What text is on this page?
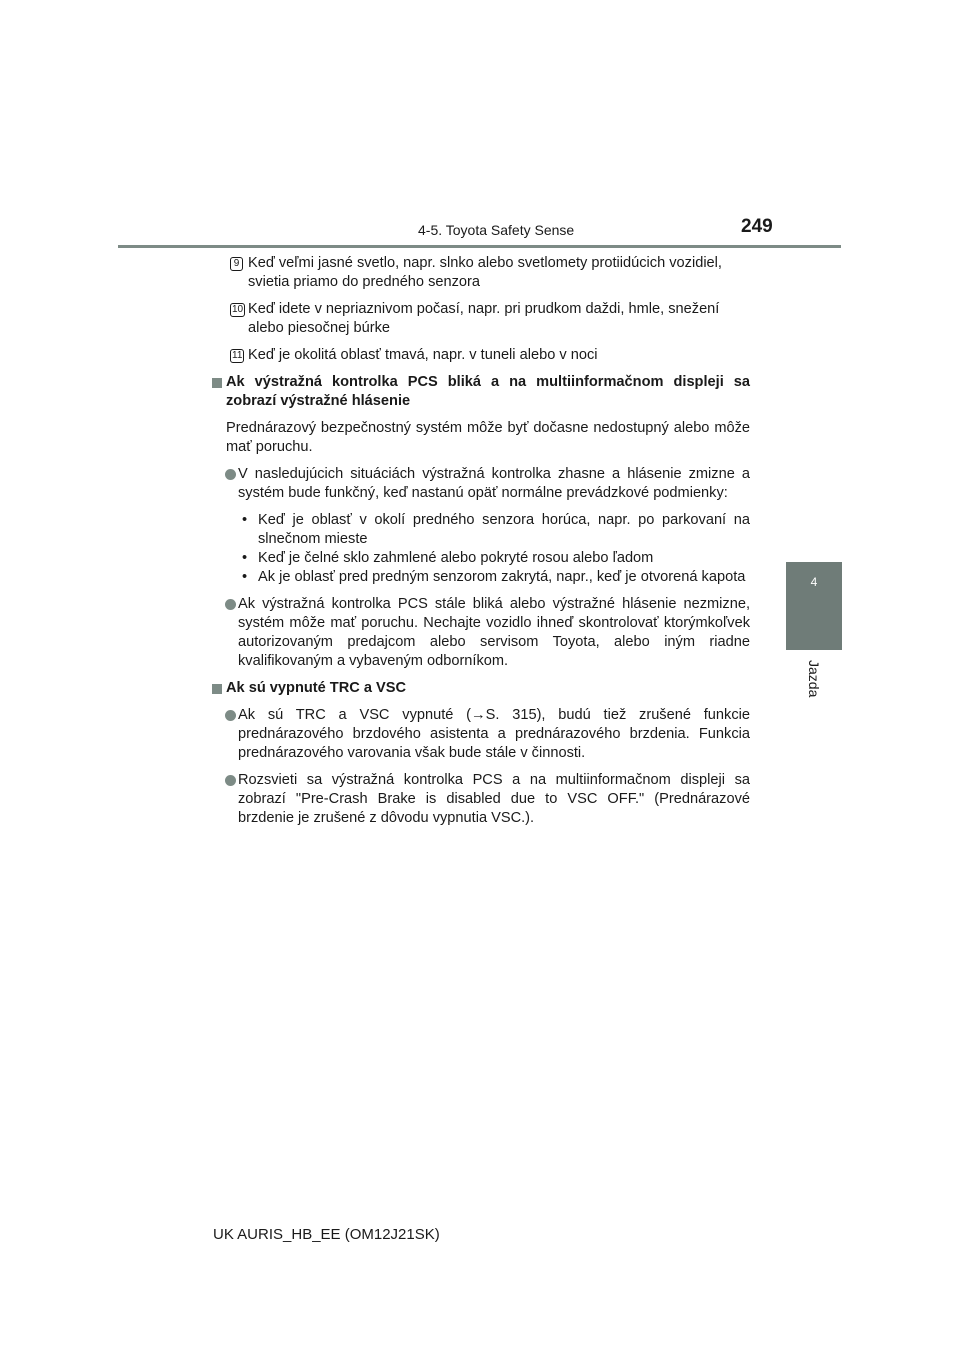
4-5. Toyota Safety Sense	249
4
Jazda
9 Keď veľmi jasné svetlo, napr. slnko alebo svetlomety protiidúcich vozidiel, svietia priamo do predného senzora
10 Keď idete v nepriaznivom počasí, napr. pri prudkom daždi, hmle, snežení alebo piesočnej búrke
11 Keď je okolitá oblasť tmavá, napr. v tuneli alebo v noci
Ak výstražná kontrolka PCS bliká a na multiinformačnom displeji sa zobrazí výstražné hlásenie
Prednárazový bezpečnostný systém môže byť dočasne nedostupný alebo môže mať poruchu.
V nasledujúcich situáciách výstražná kontrolka zhasne a hlásenie zmizne a systém bude funkčný, keď nastanú opäť normálne prevádzkové podmienky:
• Keď je oblasť v okolí predného senzora horúca, napr. po parkovaní na slnečnom mieste
• Keď je čelné sklo zahmlené alebo pokryté rosou alebo ľadom
• Ak je oblasť pred predným senzorom zakrytá, napr., keď je otvorená kapota
Ak výstražná kontrolka PCS stále bliká alebo výstražné hlásenie nezmizne, systém môže mať poruchu. Nechajte vozidlo ihneď skontrolovať ktorýmkoľvek autorizovaným predajcom alebo servisom Toyota, alebo iným riadne kvalifikovaným a vybaveným odborníkom.
Ak sú vypnuté TRC a VSC
Ak sú TRC a VSC vypnuté (→S. 315), budú tiež zrušené funkcie prednárazového brzdového asistenta a prednárazového brzdenia. Funkcia prednárazového varovania však bude stále v činnosti.
Rozsvieti sa výstražná kontrolka PCS a na multiinformačnom displeji sa zobrazí "Pre-Crash Brake is disabled due to VSC OFF." (Prednárazové brzdenie je zrušené z dôvodu vypnutia VSC.).
UK AURIS_HB_EE (OM12J21SK)
